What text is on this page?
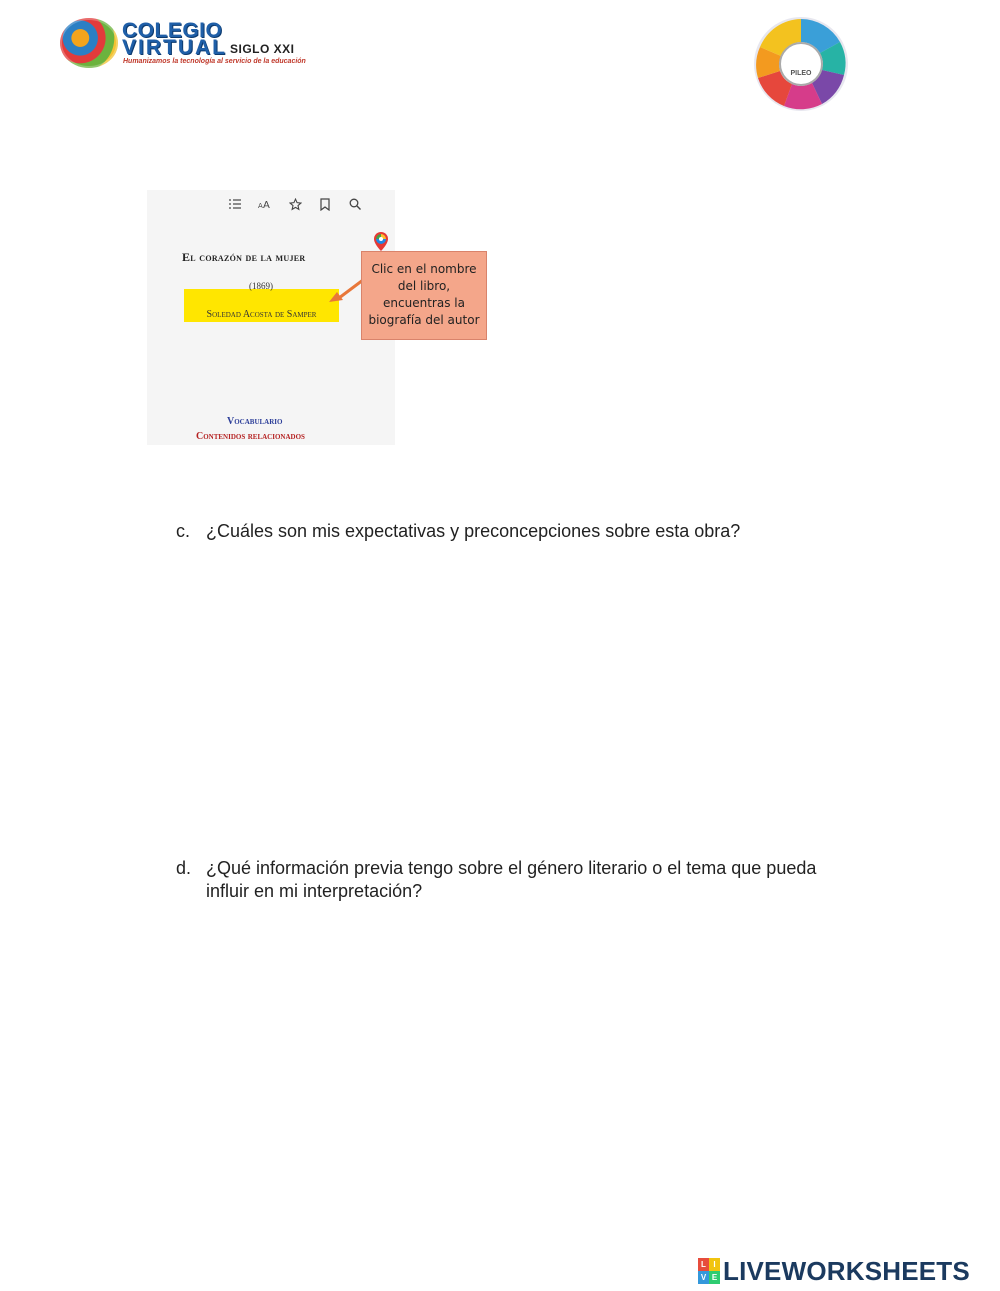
COLEGIO
VIRTUAL SIGLO XXI
Humanizamos la tecnología al servicio de la educación
PILEO
A A
El corazón de la mujer
Soledad Acosta de Samper
(1869)
Clic en el nombre del libro, encuentras la biografía del autor
Vocabulario
Contenidos relacionados
c. ¿Cuáles son mis expectativas y preconcepciones sobre esta obra?
d. ¿Qué información previa tengo sobre el género literario o el tema que pueda influir en mi interpretación?
L I
V E LIVEWORKSHEETS
